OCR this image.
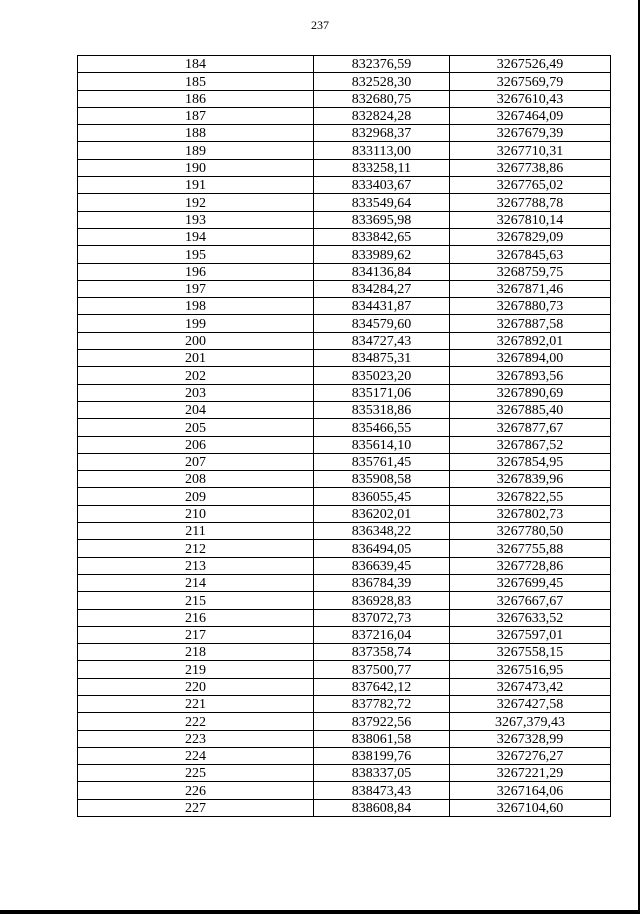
237
184	832376,59	3267526,49
185	832528,30	3267569,79
186	832680,75	3267610,43
187	832824,28	3267464,09
188	832968,37	3267679,39
189	833113,00	3267710,31
190	833258,11	3267738,86
191	833403,67	3267765,02
192	833549,64	3267788,78
193	833695,98	3267810,14
194	833842,65	3267829,09
195	833989,62	3267845,63
196	834136,84	3268759,75
197	834284,27	3267871,46
198	834431,87	3267880,73
199	834579,60	3267887,58
200	834727,43	3267892,01
201	834875,31	3267894,00
202	835023,20	3267893,56
203	835171,06	3267890,69
204	835318,86	3267885,40
205	835466,55	3267877,67
206	835614,10	3267867,52
207	835761,45	3267854,95
208	835908,58	3267839,96
209	836055,45	3267822,55
210	836202,01	3267802,73
211	836348,22	3267780,50
212	836494,05	3267755,88
213	836639,45	3267728,86
214	836784,39	3267699,45
215	836928,83	3267667,67
216	837072,73	3267633,52
217	837216,04	3267597,01
218	837358,74	3267558,15
219	837500,77	3267516,95
220	837642,12	3267473,42
221	837782,72	3267427,58
222	837922,56	3267,379,43
223	838061,58	3267328,99
224	838199,76	3267276,27
225	838337,05	3267221,29
226	838473,43	3267164,06
227	838608,84	3267104,60
